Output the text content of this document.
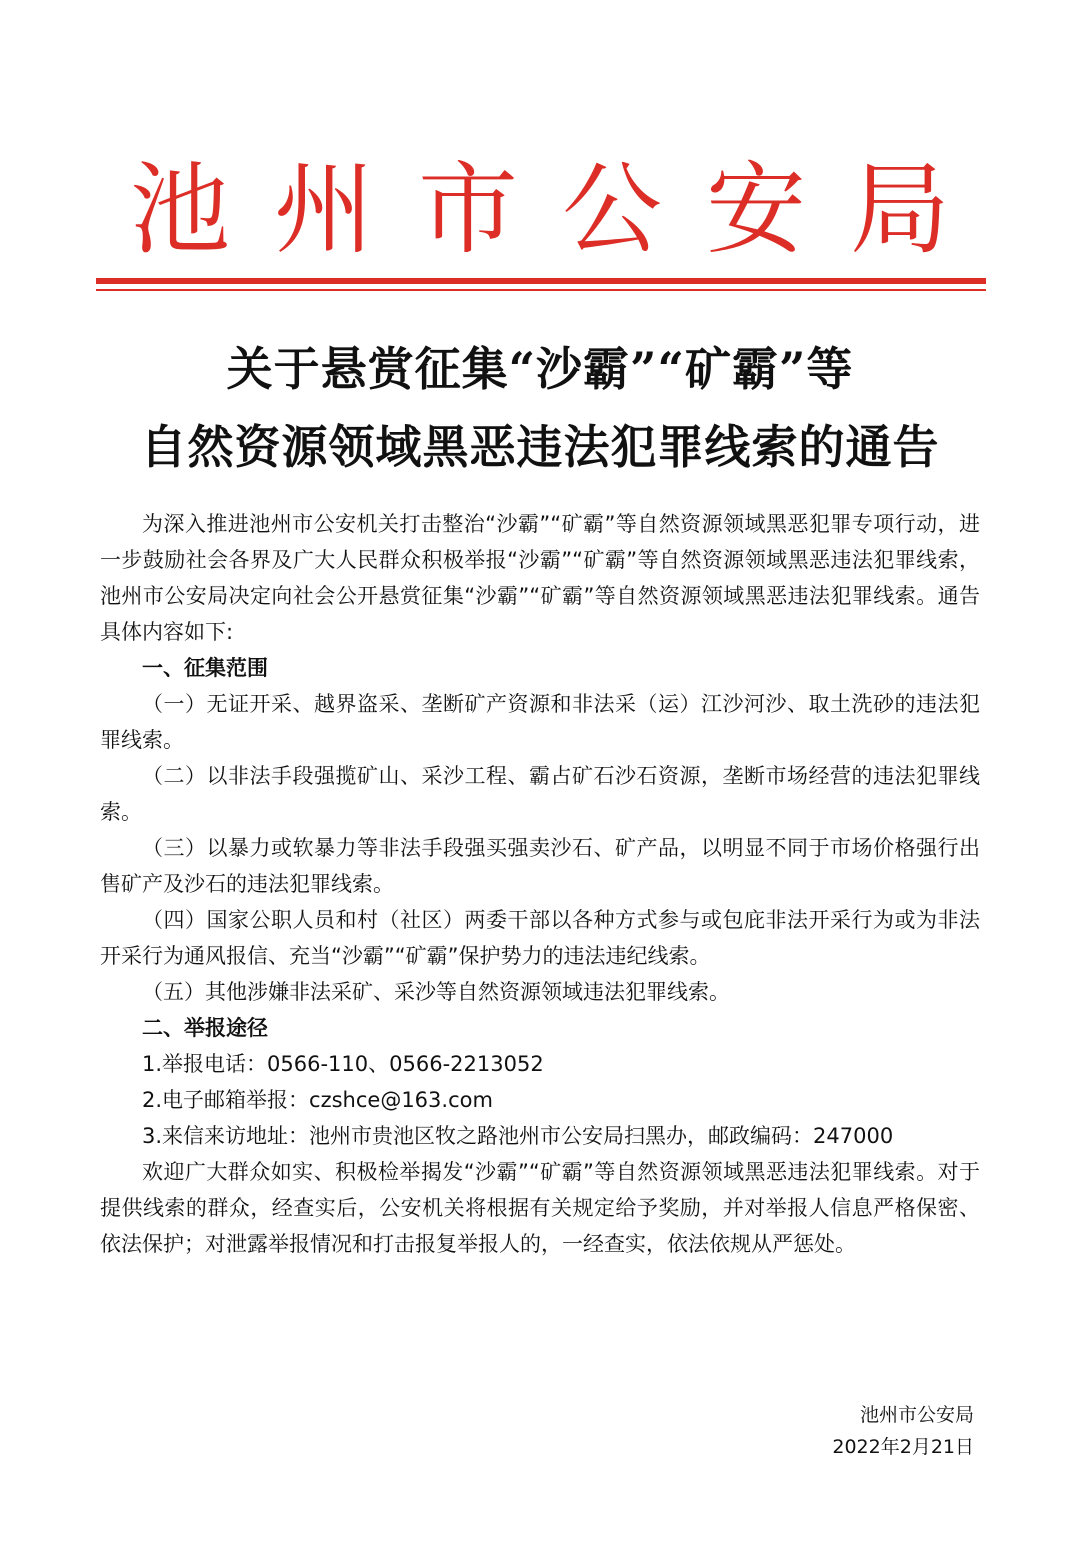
池 州 市 公 安 局
关于悬赏征集“沙霸”“矿霸”等
自然资源领域黑恶违法犯罪线索的通告

为深入推进池州市公安机关打击整治“沙霸”“矿霸”等自然资源领域黑恶犯罪专项行动，进一步鼓励社会各界及广大人民群众积极举报“沙霸”“矿霸”等自然资源领域黑恶违法犯罪线索，池州市公安局决定向社会公开悬赏征集“沙霸”“矿霸”等自然资源领域黑恶违法犯罪线索。通告具体内容如下:

一、征集范围

（一）无证开采、越界盗采、垄断矿产资源和非法采（运）江沙河沙、取土洗砂的违法犯罪线索。

（二）以非法手段强揽矿山、采沙工程、霸占矿石沙石资源，垄断市场经营的违法犯罪线索。

（三）以暴力或软暴力等非法手段强买强卖沙石、矿产品，以明显不同于市场价格强行出售矿产及沙石的违法犯罪线索。

（四）国家公职人员和村（社区）两委干部以各种方式参与或包庇非法开采行为或为非法开采行为通风报信、充当“沙霸”“矿霸”保护势力的违法违纪线索。

（五）其他涉嫌非法采矿、采沙等自然资源领域违法犯罪线索。

二、举报途径

1.举报电话：0566-110、0566-2213052

2.电子邮箱举报：czshce@163.com

3.来信来访地址：池州市贵池区牧之路池州市公安局扫黑办，邮政编码：247000

欢迎广大群众如实、积极检举揭发“沙霸”“矿霸”等自然资源领域黑恶违法犯罪线索。对于提供线索的群众，经查实后，公安机关将根据有关规定给予奖励，并对举报人信息严格保密、依法保护；对泄露举报情况和打击报复举报人的，一经查实，依法依规从严惩处。

池州市公安局
2022年2月21日
